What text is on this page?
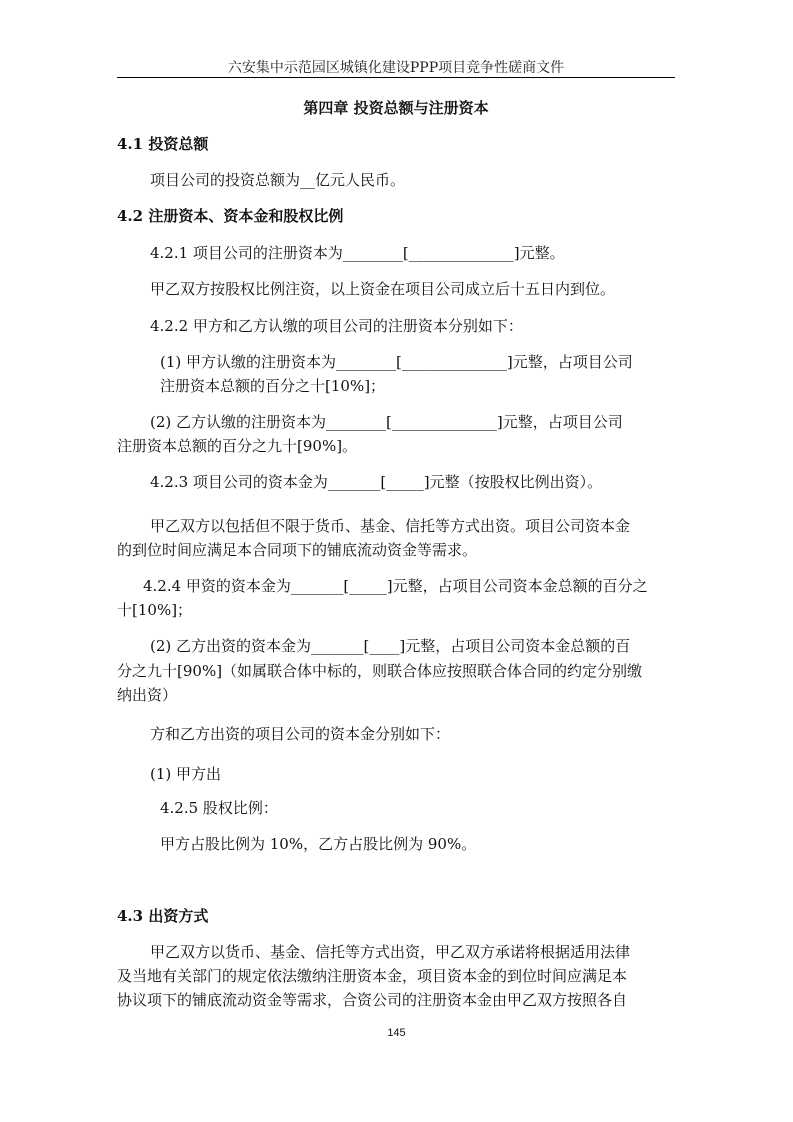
六安集中示范园区城镇化建设PPP项目竞争性磋商文件
第四章 投资总额与注册资本
4.1 投资总额
项目公司的投资总额为__亿元人民币。
4.2 注册资本、资本金和股权比例
4.2.1 项目公司的注册资本为________[______________]元整。
甲乙双方按股权比例注资，以上资金在项目公司成立后十五日内到位。
4.2.2 甲方和乙方认缴的项目公司的注册资本分别如下：
(1) 甲方认缴的注册资本为________[______________]元整，占项目公司
注册资本总额的百分之十[10%]；
(2) 乙方认缴的注册资本为________[______________]元整，占项目公司
注册资本总额的百分之九十[90%]。
4.2.3 项目公司的资本金为_______[_____]元整（按股权比例出资）。
甲乙双方以包括但不限于货币、基金、信托等方式出资。项目公司资本金
的到位时间应满足本合同项下的铺底流动资金等需求。
4.2.4 甲资的资本金为_______[_____]元整，占项目公司资本金总额的百分之
十[10%]；
(2) 乙方出资的资本金为_______[____]元整，占项目公司资本金总额的百
分之九十[90%]（如属联合体中标的，则联合体应按照联合体合同的约定分别缴
纳出资）
方和乙方出资的项目公司的资本金分别如下：
(1) 甲方出
4.2.5 股权比例：
甲方占股比例为 10%，乙方占股比例为 90%。
4.3 出资方式
甲乙双方以货币、基金、信托等方式出资，甲乙双方承诺将根据适用法律
及当地有关部门的规定依法缴纳注册资本金，项目资本金的到位时间应满足本
协议项下的铺底流动资金等需求，合资公司的注册资本金由甲乙双方按照各自
145
